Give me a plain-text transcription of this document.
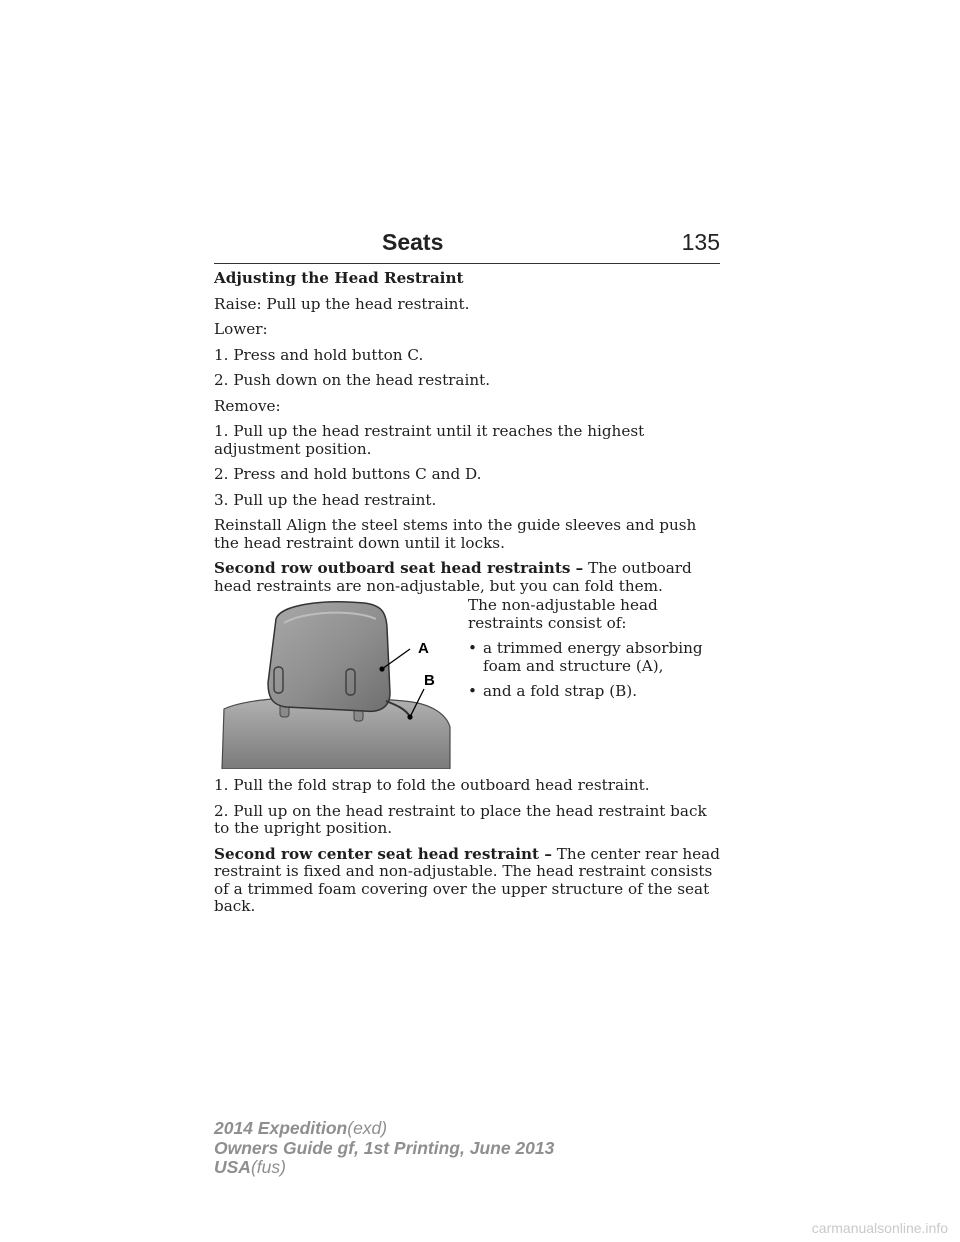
Seats	135

Adjusting the Head Restraint

Raise: Pull up the head restraint.

Lower:

1. Press and hold button C.

2. Push down on the head restraint.

Remove:

1. Pull up the head restraint until it reaches the highest adjustment position.

2. Press and hold buttons C and D.

3. Pull up the head restraint.

Reinstall Align the steel stems into the guide sleeves and push the head restraint down until it locks.

Second row outboard seat head restraints – The outboard head restraints are non-adjustable, but you can fold them.

A
B

The non-adjustable head restraints consist of:

• a trimmed energy absorbing foam and structure (A),
• and a fold strap (B).

1. Pull the fold strap to fold the outboard head restraint.

2. Pull up on the head restraint to place the head restraint back to the upright position.

Second row center seat head restraint – The center rear head restraint is fixed and non-adjustable. The head restraint consists of a trimmed foam covering over the upper structure of the seat back.

2014 Expedition(exd)
Owners Guide gf, 1st Printing, June 2013
USA(fus)
carmanualsonline.info
